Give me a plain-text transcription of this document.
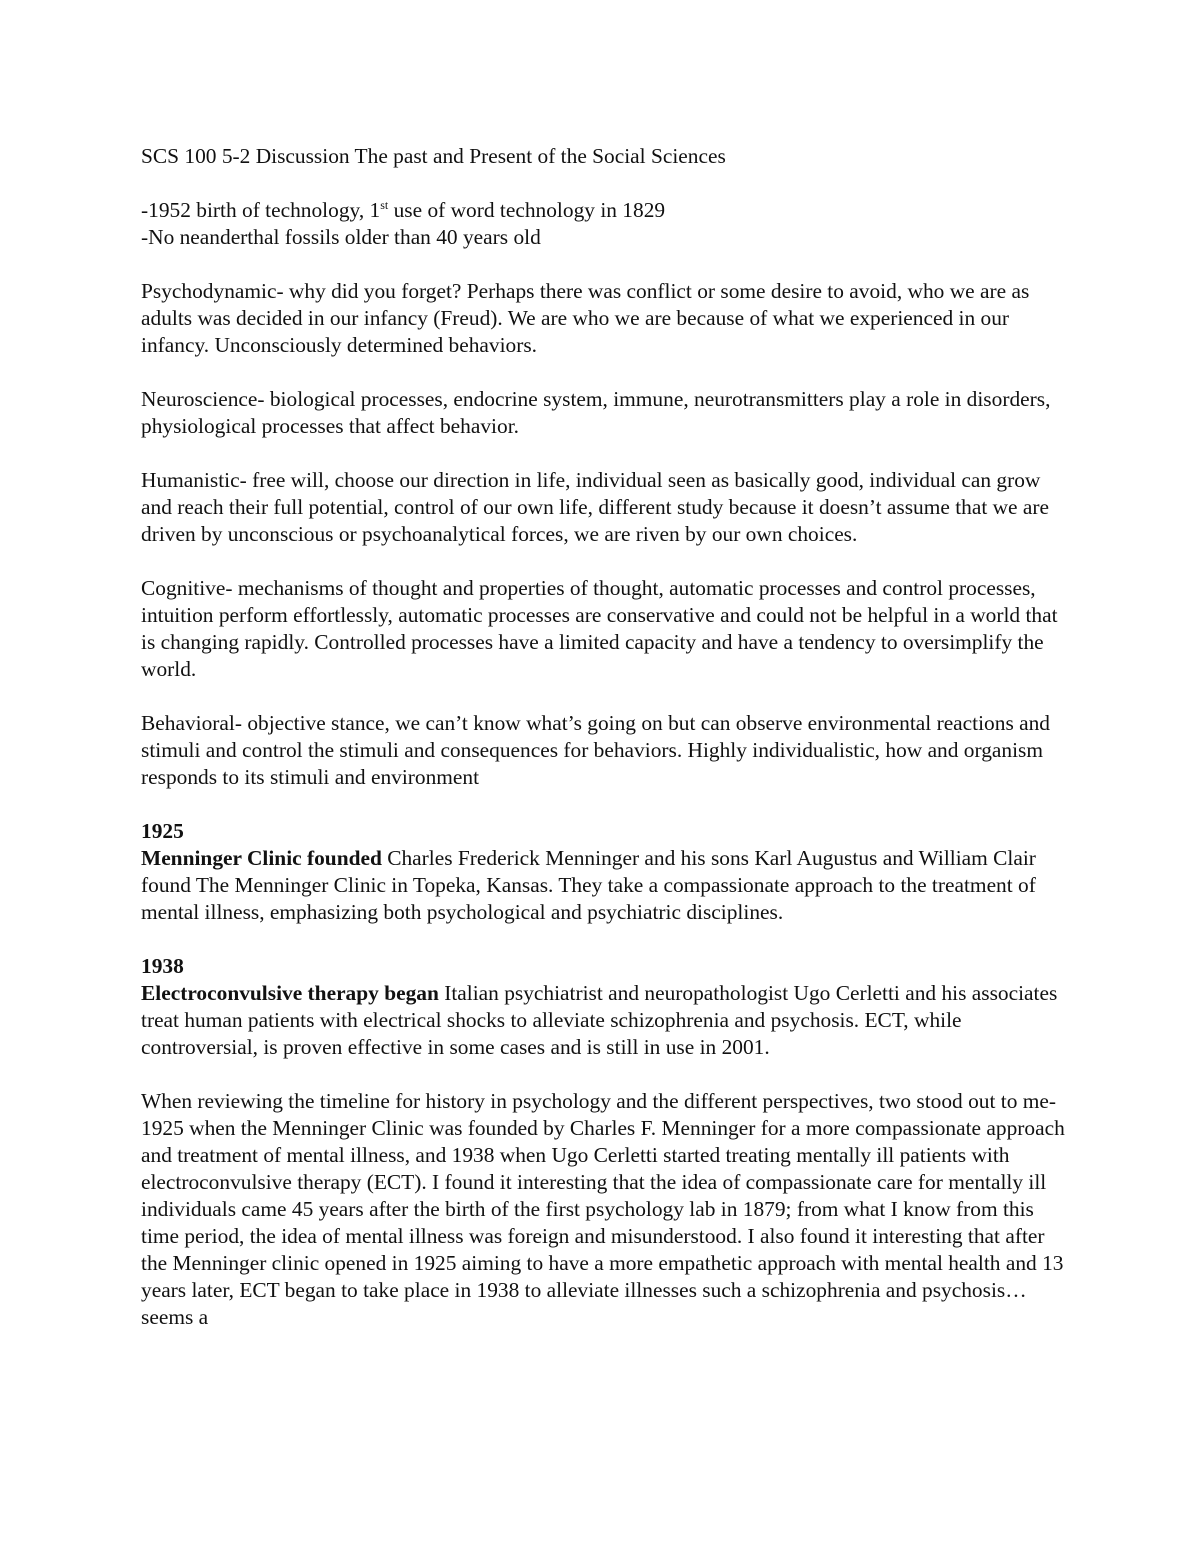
SCS 100 5-2 Discussion The past and Present of the Social Sciences

-1952 birth of technology, 1st use of word technology in 1829

-No neanderthal fossils older than 40 years old

Psychodynamic- why did you forget? Perhaps there was conflict or some desire to avoid, who we are as adults was decided in our infancy (Freud). We are who we are because of what we experienced in our infancy. Unconsciously determined behaviors.

Neuroscience- biological processes, endocrine system, immune, neurotransmitters play a role in disorders, physiological processes that affect behavior.

Humanistic- free will, choose our direction in life, individual seen as basically good, individual can grow and reach their full potential, control of our own life, different study because it doesn’t assume that we are driven by unconscious or psychoanalytical forces, we are riven by our own choices.

Cognitive- mechanisms of thought and properties of thought, automatic processes and control processes, intuition perform effortlessly, automatic processes are conservative and could not be helpful in a world that is changing rapidly. Controlled processes have a limited capacity and have a tendency to oversimplify the world.

Behavioral- objective stance, we can’t know what’s going on but can observe environmental reactions and stimuli and control the stimuli and consequences for behaviors. Highly individualistic, how and organism responds to its stimuli and environment

1925

Menninger Clinic founded Charles Frederick Menninger and his sons Karl Augustus and William Clair found The Menninger Clinic in Topeka, Kansas. They take a compassionate approach to the treatment of mental illness, emphasizing both psychological and psychiatric disciplines.

1938

Electroconvulsive therapy began Italian psychiatrist and neuropathologist Ugo Cerletti and his associates treat human patients with electrical shocks to alleviate schizophrenia and psychosis. ECT, while controversial, is proven effective in some cases and is still in use in 2001.

When reviewing the timeline for history in psychology and the different perspectives, two stood out to me- 1925 when the Menninger Clinic was founded by Charles F. Menninger for a more compassionate approach and treatment of mental illness, and 1938 when Ugo Cerletti started treating mentally ill patients with electroconvulsive therapy (ECT). I found it interesting that the idea of compassionate care for mentally ill individuals came 45 years after the birth of the first psychology lab in 1879; from what I know from this time period, the idea of mental illness was foreign and misunderstood. I also found it interesting that after the Menninger clinic opened in 1925 aiming to have a more empathetic approach with mental health and 13 years later, ECT began to take place in 1938 to alleviate illnesses such a schizophrenia and psychosis… seems a
